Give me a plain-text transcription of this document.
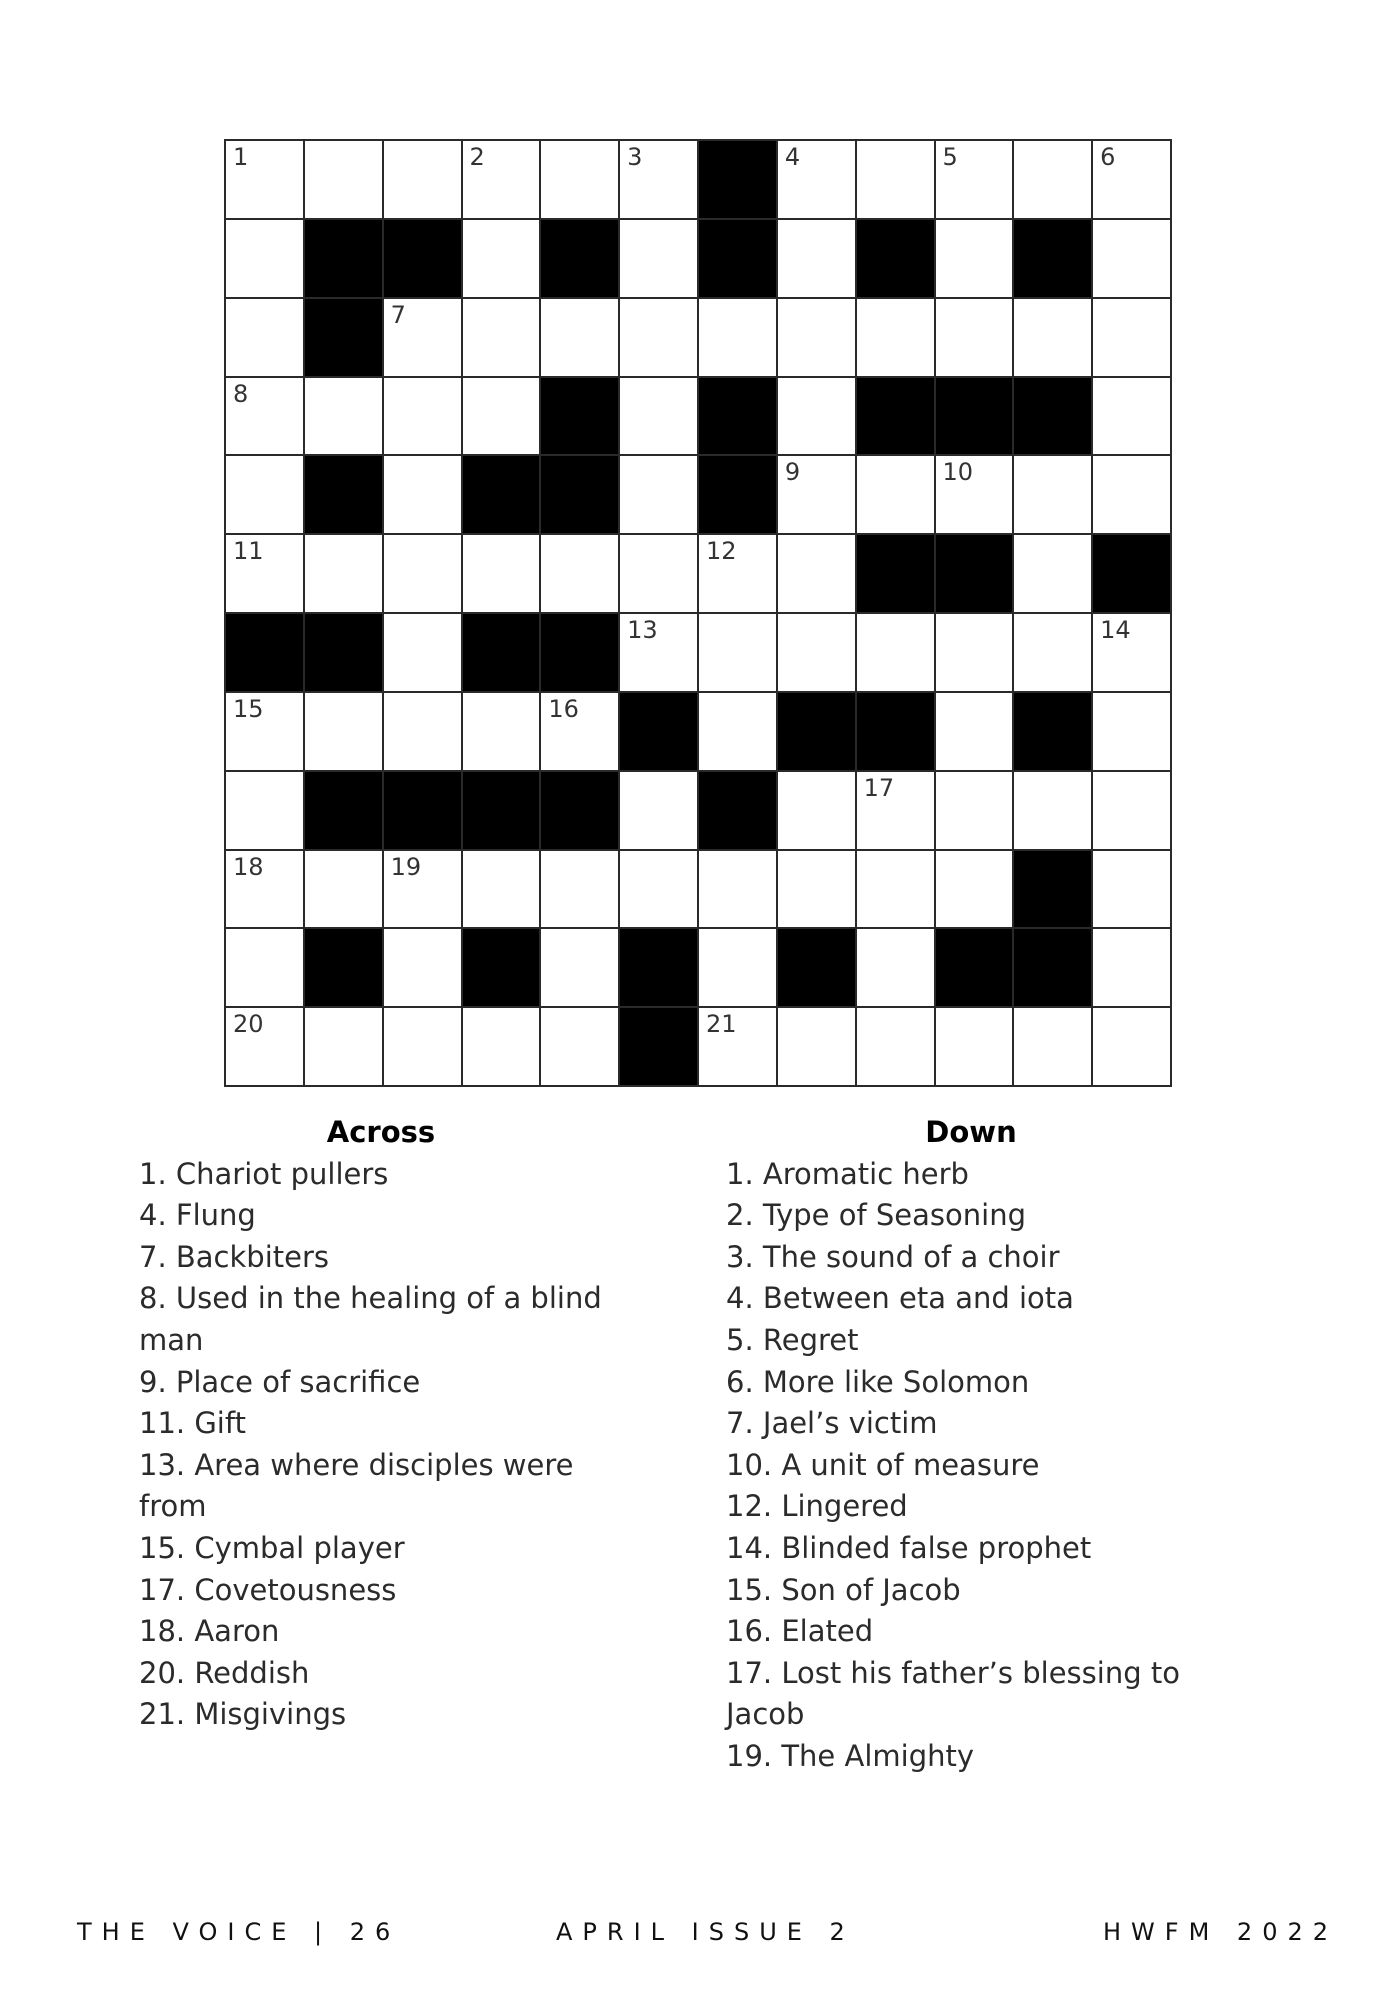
1	2	3	4	5	6
7
8
9	10
11	12
13	14
15	16
17
18	19
20	21
Across
1. Chariot pullers
4. Flung
7. Backbiters
8. Used in the healing of a blind man
9. Place of sacrifice
11. Gift
13. Area where disciples were from
15. Cymbal player
17. Covetousness
18. Aaron
20. Reddish
21. Misgivings
Down
1. Aromatic herb
2. Type of Seasoning
3. The sound of a choir
4. Between eta and iota
5. Regret
6. More like Solomon
7. Jael’s victim
10. A unit of measure
12. Lingered
14. Blinded false prophet
15. Son of Jacob
16. Elated
17. Lost his father’s blessing to Jacob
19. The Almighty
THE VOICE | 26	APRIL ISSUE 2	HWFM 2022
